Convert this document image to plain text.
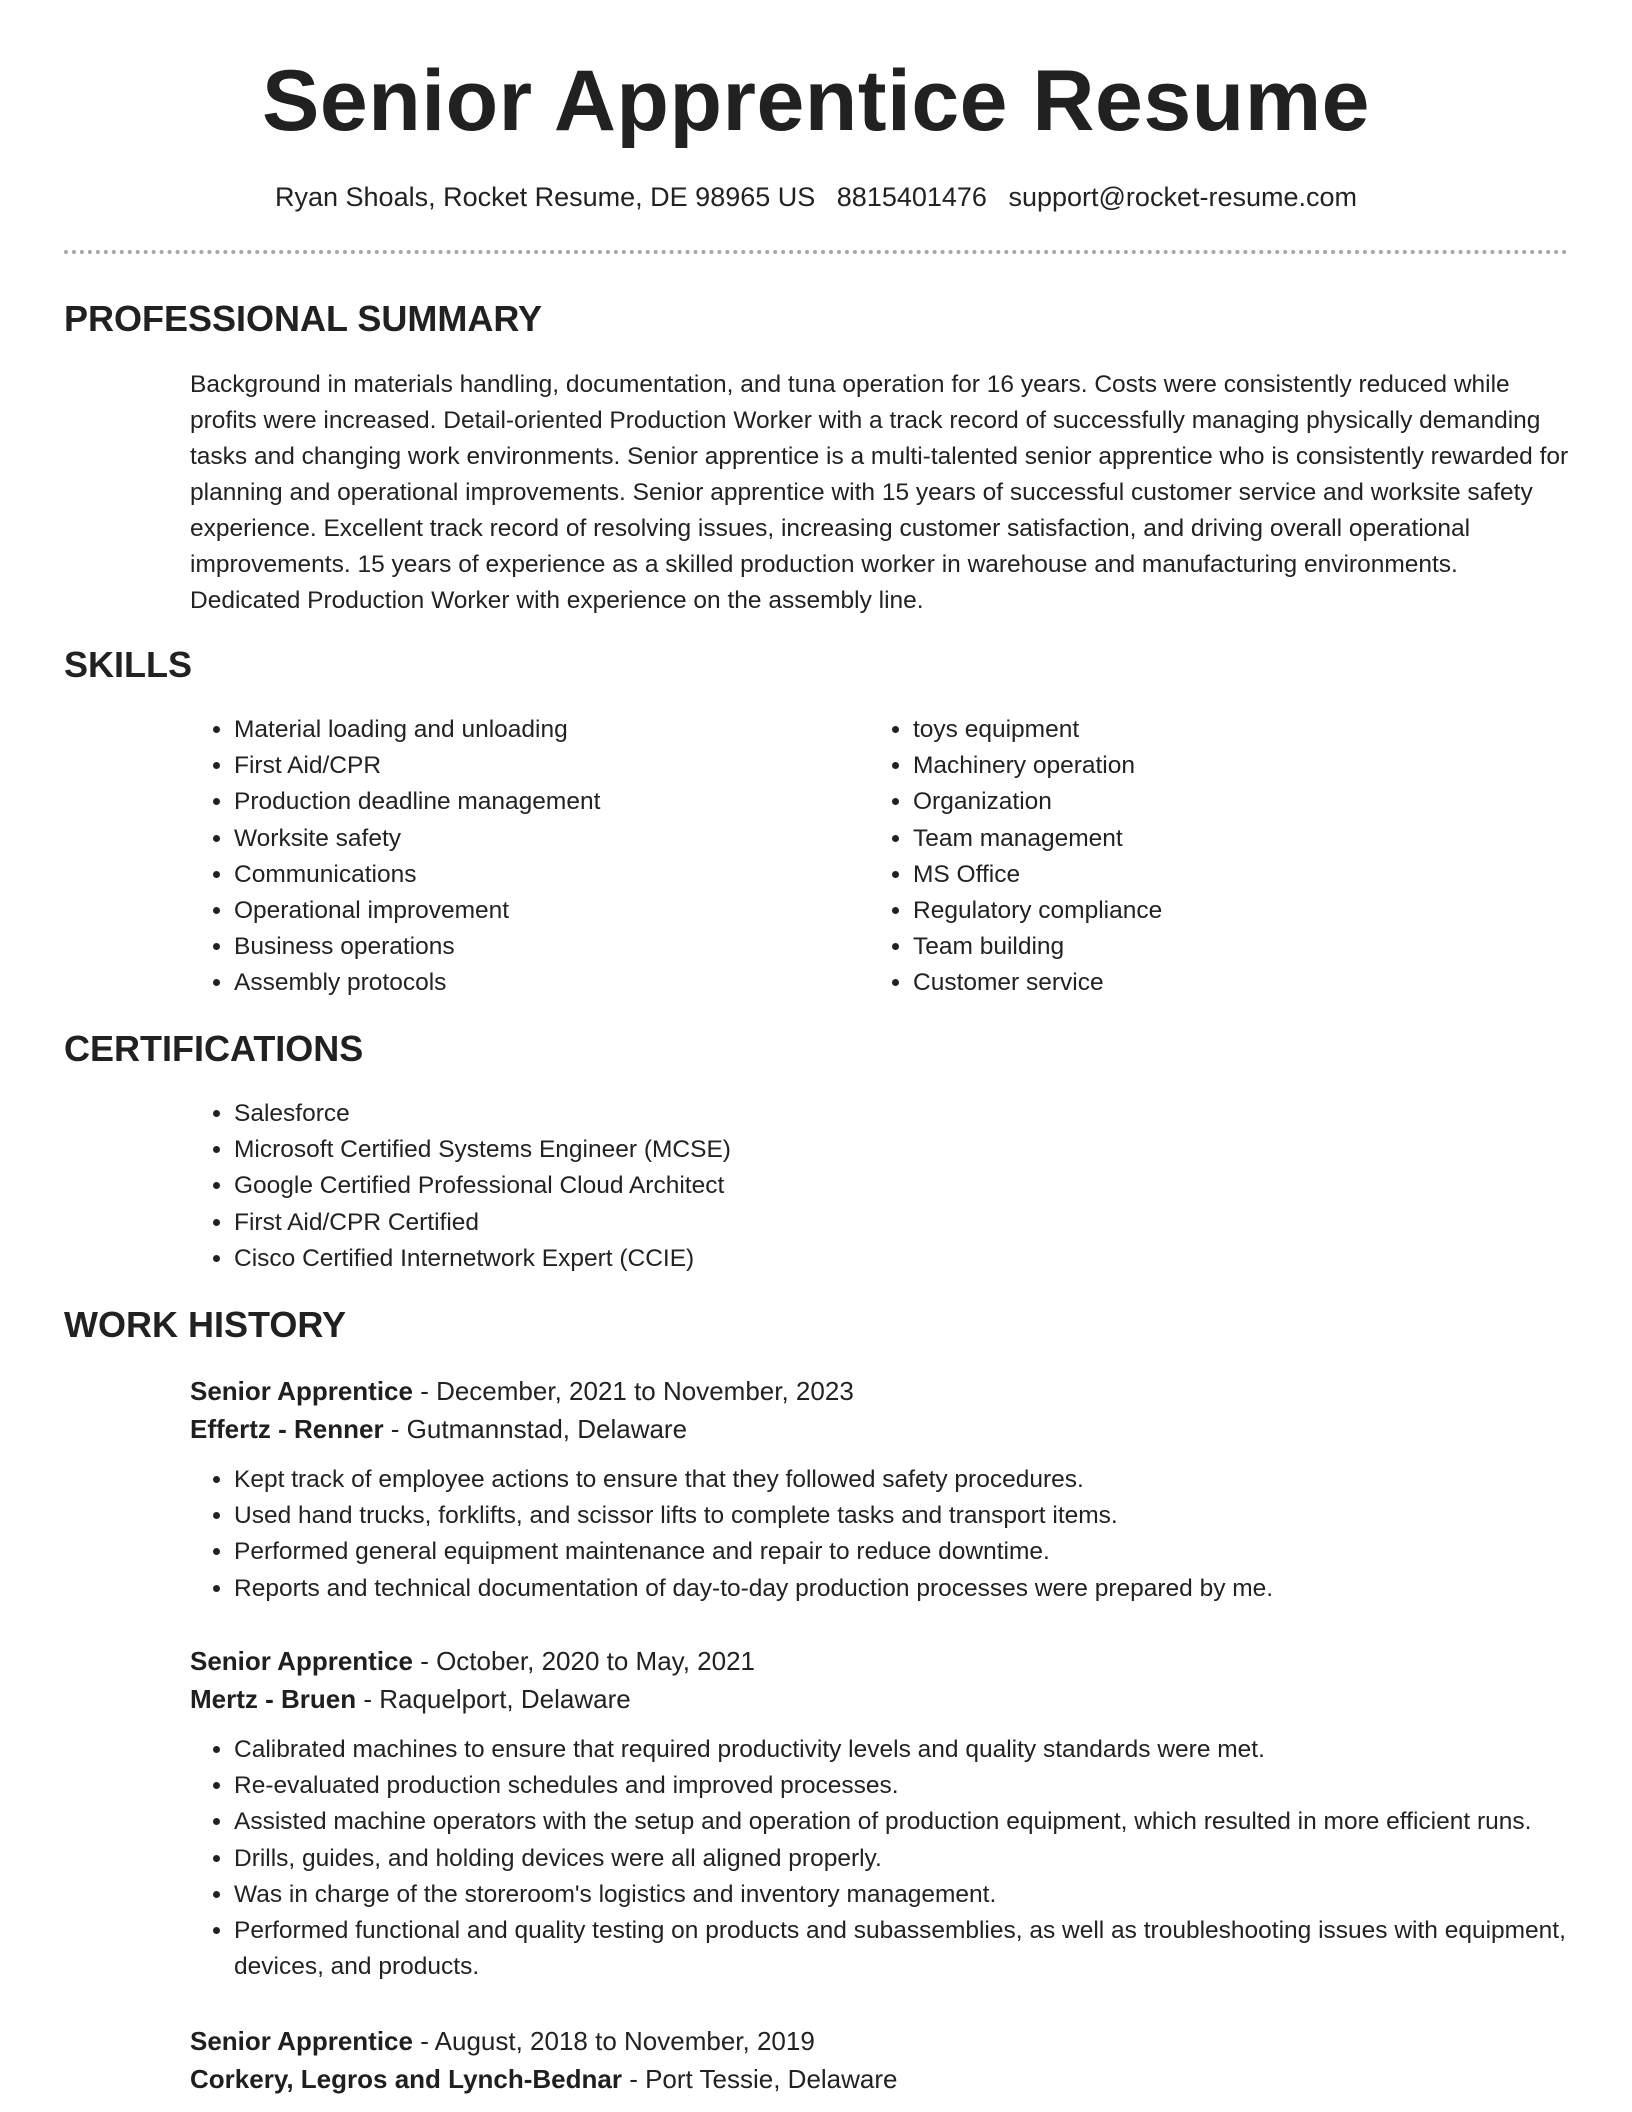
Senior Apprentice Resume
Ryan Shoals, Rocket Resume, DE 98965 US 8815401476 support@rocket-resume.com
PROFESSIONAL SUMMARY

Background in materials handling, documentation, and tuna operation for 16 years. Costs were consistently reduced while profits were increased. Detail-oriented Production Worker with a track record of successfully managing physically demanding tasks and changing work environments. Senior apprentice is a multi-talented senior apprentice who is consistently rewarded for planning and operational improvements. Senior apprentice with 15 years of successful customer service and worksite safety experience. Excellent track record of resolving issues, increasing customer satisfaction, and driving overall operational improvements. 15 years of experience as a skilled production worker in warehouse and manufacturing environments. Dedicated Production Worker with experience on the assembly line.

SKILLS
• Material loading and unloading
• First Aid/CPR
• Production deadline management
• Worksite safety
• Communications
• Operational improvement
• Business operations
• Assembly protocols
• toys equipment
• Machinery operation
• Organization
• Team management
• MS Office
• Regulatory compliance
• Team building
• Customer service
CERTIFICATIONS
• Salesforce
• Microsoft Certified Systems Engineer (MCSE)
• Google Certified Professional Cloud Architect
• First Aid/CPR Certified
• Cisco Certified Internetwork Expert (CCIE)
WORK HISTORY
Senior Apprentice - December, 2021 to November, 2023
Effertz - Renner - Gutmannstad, Delaware
• Kept track of employee actions to ensure that they followed safety procedures.
• Used hand trucks, forklifts, and scissor lifts to complete tasks and transport items.
• Performed general equipment maintenance and repair to reduce downtime.
• Reports and technical documentation of day-to-day production processes were prepared by me.
Senior Apprentice - October, 2020 to May, 2021
Mertz - Bruen - Raquelport, Delaware
• Calibrated machines to ensure that required productivity levels and quality standards were met.
• Re-evaluated production schedules and improved processes.
• Assisted machine operators with the setup and operation of production equipment, which resulted in more efficient runs.
• Drills, guides, and holding devices were all aligned properly.
• Was in charge of the storeroom's logistics and inventory management.
• Performed functional and quality testing on products and subassemblies, as well as troubleshooting issues with equipment, devices, and products.
Senior Apprentice - August, 2018 to November, 2019
Corkery, Legros and Lynch-Bednar - Port Tessie, Delaware
